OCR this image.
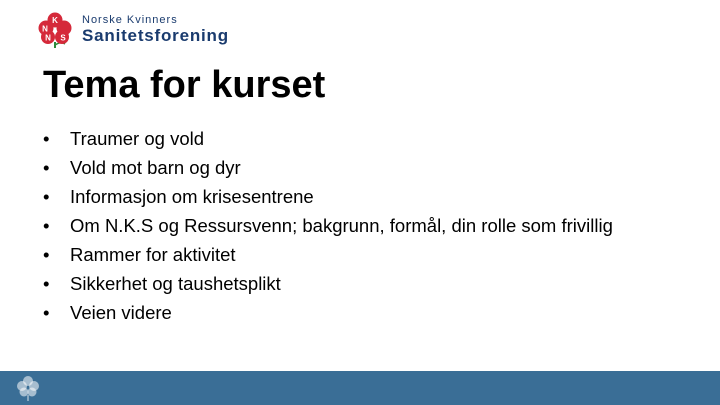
N
K
N S
Norske Kvinners
Sanitetsforening
Tema for kurset
• Traumer og vold
• Vold mot barn og dyr
• Informasjon om krisesentrene
• Om N.K.S og Ressursvenn; bakgrunn, formål, din rolle som frivillig
• Rammer for aktivitet
• Sikkerhet og taushetsplikt
• Veien videre
